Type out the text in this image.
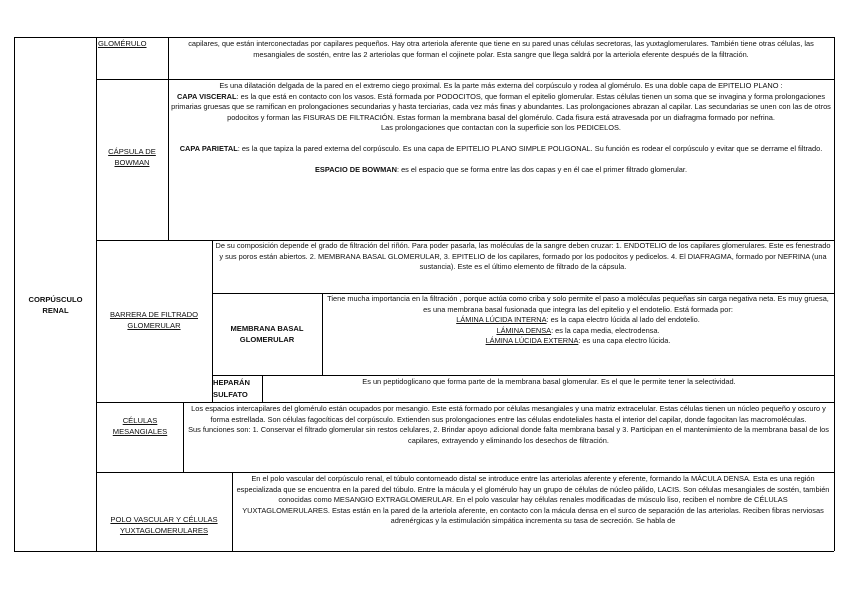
CORPÚSCULO RENAL
GLOMÉRULO	capilares, que están interconectadas por capilares pequeños. Hay otra arteriola aferente que tiene en su pared unas células secretoras, las yuxtaglomerulares. También tiene otras células, las mesangiales de sostén, entre las 2 arteriolas que forman el cojinete polar. Esta sangre que llega saldrá por la arteriola eferente después de la filtración.
CÁPSULA DE BOWMAN

Es una dilatación delgada de la pared en el extremo ciego proximal. Es la parte más externa del corpúsculo y rodea al glomérulo. Es una doble capa de EPITELIO PLANO :

CAPA VISCERAL: es la que está en contacto con los vasos. Está formada por PODOCITOS, que forman el epitelio glomerular. Estas células tienen un soma que se invagina y forma prolongaciones primarias gruesas que se ramifican en prolongaciones secundarias y hasta terciarias, cada vez más finas y abundantes. Las prolongaciones abrazan al capilar. Las secundarias se unen con las de otros podocitos y forman las FISURAS DE FILTRACIÓN. Estas forman la membrana basal del glomérulo. Cada fisura está atravesada por un diafragma formado por nefrina.

Las prolongaciones que contactan con la superficie son los PEDICELOS.

CAPA PARIETAL: es la que tapiza la pared externa del corpúsculo. Es una capa de EPITELIO PLANO SIMPLE POLIGONAL. Su función es rodear el corpúsculo y evitar que se derrame el filtrado.

ESPACIO DE BOWMAN: es el espacio que se forma entre las dos capas y en él cae el primer filtrado glomerular.

BARRERA DE FILTRADO GLOMERULAR
De su composición depende el grado de filtración del riñón. Para poder pasarla, las moléculas de la sangre deben cruzar: 1. ENDOTELIO de los capilares glomerulares. Este es fenestrado y sus poros están abiertos. 2. MEMBRANA BASAL GLOMERULAR, 3. EPITELIO de los capilares, formado por los podocitos y pedicelos. 4. El DIAFRAGMA, formado por NEFRINA (una sustancia). Este es el último elemento de filtrado de la cápsula.
MEMBRANA BASAL GLOMERULAR

Tiene mucha importancia en la filtración , porque actúa como criba y solo permite el paso a moléculas pequeñas sin carga negativa neta. Es muy gruesa, es una membrana basal fusionada que integra las del epitelio y el endotelio. Está formada por:

LÁMINA LÚCIDA INTERNA: es la capa electro lúcida al lado del endotelio.

LÁMINA DENSA: es la capa media, electrodensa.

LÁMINA LÚCIDA EXTERNA: es una capa electro lúcida.

HEPARÁN SULFATO
Es un peptidoglicano que forma parte de la membrana basal glomerular. Es el que le permite tener la selectividad.
CÉLULAS MESANGIALES

Los espacios intercapilares del glomérulo están ocupados por mesangio. Este está formado por células mesangiales y una matriz extracelular. Estas células tienen un núcleo pequeño y oscuro y forma estrellada. Son células fagocíticas del corpúsculo. Extienden sus prolongaciones entre las células endoteliales hasta el interior del capilar, donde fagocitan las macromoléculas.

Sus funciones son: 1. Conservar el filtrado glomerular sin restos celulares, 2. Brindar apoyo adicional donde falta membrana basal y 3. Participan en el mantenimiento de la membrana basal de los capilares, extrayendo y eliminando los desechos de filtración.

POLO VASCULAR Y CÉLULAS YUXTAGLOMERULARES
En el polo vascular del corpúsculo renal, el túbulo contorneado distal se introduce entre las arteriolas aferente y eferente, formando la MÁCULA DENSA. Esta es una región especializada que se encuentra en la pared del túbulo. Entre la mácula y el glomérulo hay un grupo de células de núcleo pálido, LACIS. Son células mesangiales de sostén, también conocidas como MESANGIO EXTRAGLOMERULAR. En el polo vascular hay células renales modificadas de músculo liso, reciben el nombre de CÉLULAS YUXTAGLOMERULARES. Estas están en la pared de la arteriola aferente, en contacto con la mácula densa en el surco de separación de las arteriolas. Reciben fibras nerviosas adrenérgicas y la estimulación simpática incrementa su tasa de secreción. Se habla de
